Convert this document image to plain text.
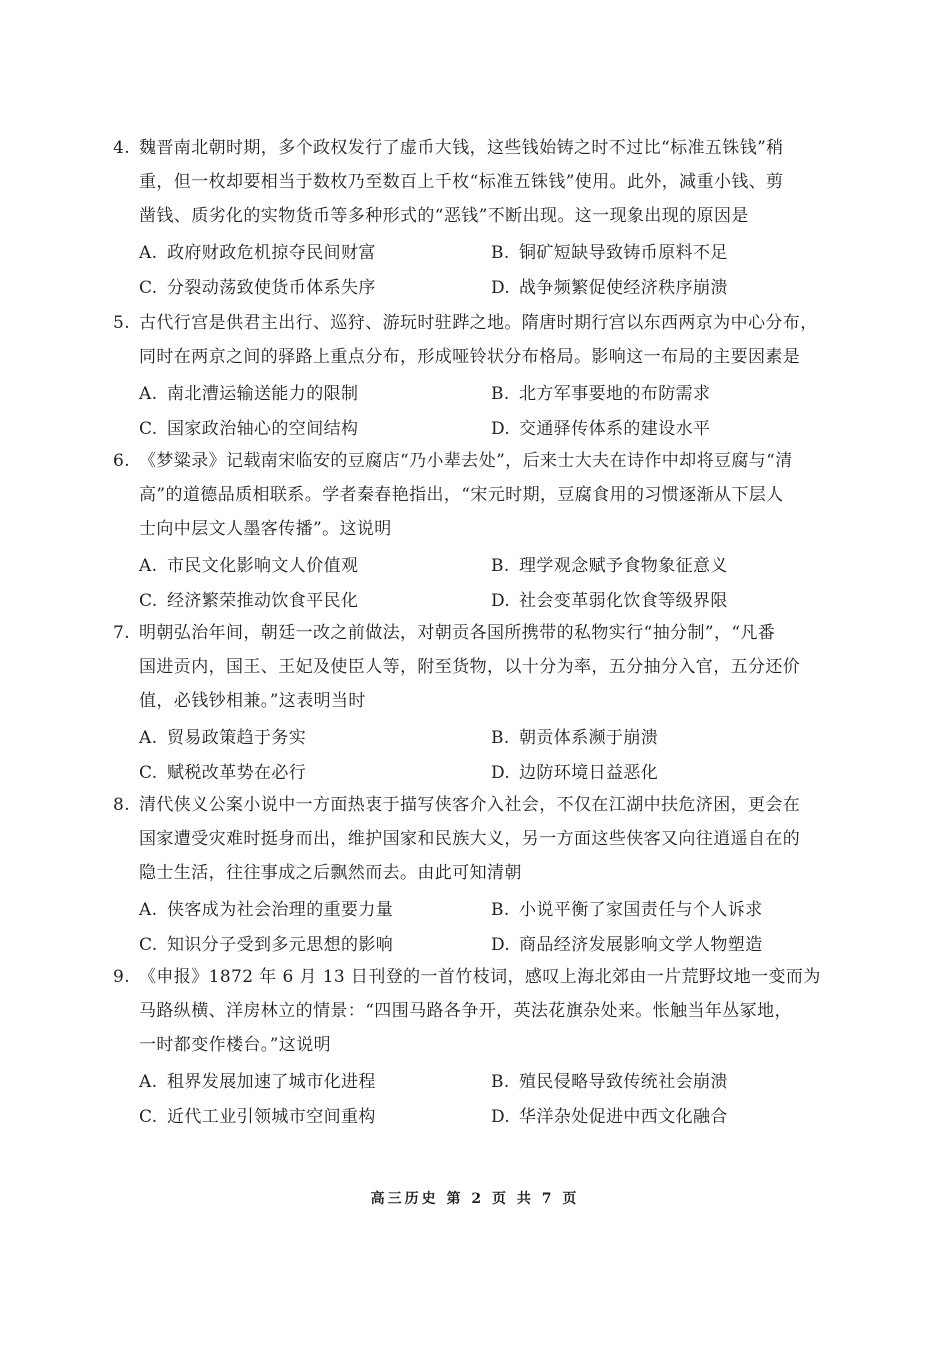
4. 魏晋南北朝时期，多个政权发行了虚币大钱，这些钱始铸之时不过比“标准五铢钱”稍
重，但一枚却要相当于数枚乃至数百上千枚“标准五铢钱”使用。此外，减重小钱、剪
凿钱、质劣化的实物货币等多种形式的“恶钱”不断出现。这一现象出现的原因是
A. 政府财政危机掠夺民间财富	B. 铜矿短缺导致铸币原料不足
C. 分裂动荡致使货币体系失序	D. 战争频繁促使经济秩序崩溃
5. 古代行宫是供君主出行、巡狩、游玩时驻跸之地。隋唐时期行宫以东西两京为中心分布，
同时在两京之间的驿路上重点分布，形成哑铃状分布格局。影响这一布局的主要因素是
A. 南北漕运输送能力的限制	B. 北方军事要地的布防需求
C. 国家政治轴心的空间结构	D. 交通驿传体系的建设水平
6. 《梦粱录》记载南宋临安的豆腐店“乃小辈去处”，后来士大夫在诗作中却将豆腐与“清
高”的道德品质相联系。学者秦春艳指出，“宋元时期，豆腐食用的习惯逐渐从下层人
士向中层文人墨客传播”。这说明
A. 市民文化影响文人价值观	B. 理学观念赋予食物象征意义
C. 经济繁荣推动饮食平民化	D. 社会变革弱化饮食等级界限
7. 明朝弘治年间，朝廷一改之前做法，对朝贡各国所携带的私物实行“抽分制”，“凡番
国进贡内，国王、王妃及使臣人等，附至货物，以十分为率，五分抽分入官，五分还价
值，必钱钞相兼。”这表明当时
A. 贸易政策趋于务实	B. 朝贡体系濒于崩溃
C. 赋税改革势在必行	D. 边防环境日益恶化
8. 清代侠义公案小说中一方面热衷于描写侠客介入社会，不仅在江湖中扶危济困，更会在
国家遭受灾难时挺身而出，维护国家和民族大义，另一方面这些侠客又向往逍遥自在的
隐士生活，往往事成之后飘然而去。由此可知清朝
A. 侠客成为社会治理的重要力量	B. 小说平衡了家国责任与个人诉求
C. 知识分子受到多元思想的影响	D. 商品经济发展影响文学人物塑造
9. 《申报》1872 年 6 月 13 日刊登的一首竹枝词，感叹上海北郊由一片荒野坟地一变而为
马路纵横、洋房林立的情景：“四围马路各争开，英法花旗杂处来。怅触当年丛冢地，
一时都变作楼台。”这说明
A. 租界发展加速了城市化进程	B. 殖民侵略导致传统社会崩溃
C. 近代工业引领城市空间重构	D. 华洋杂处促进中西文化融合
高三历史 第 2 页 共 7 页
